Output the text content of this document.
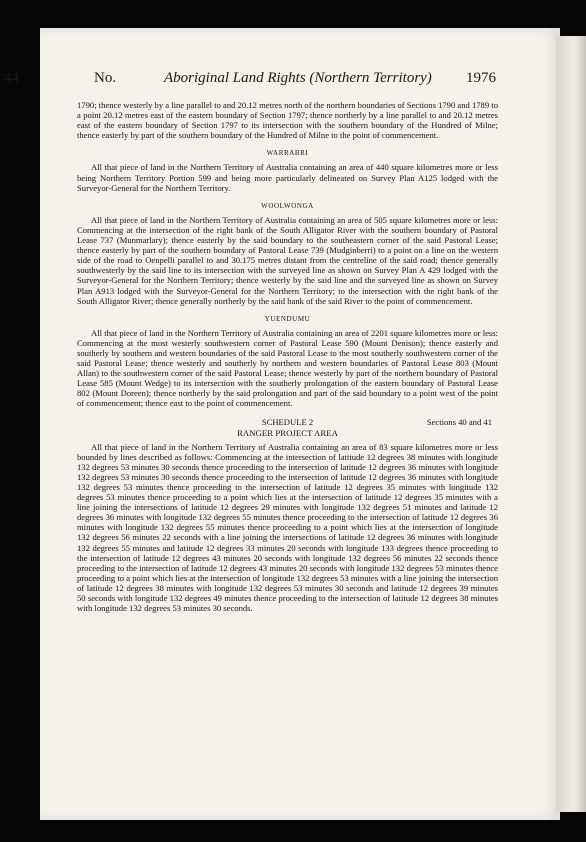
44	No.	Aboriginal Land Rights (Northern Territory) 1976

1790; thence westerly by a line parallel to and 20.12 metres north of the northern boundaries of Sections 1790 and 1789 to a point 20.12 metres east of the eastern boundary of Section 1797; thence northerly by a line parallel to and 20.12 metres east of the eastern boundary of Section 1797 to its intersection with the southern boundary of the Hundred of Milne; thence easterly by part of the southern boundary of the Hundred of Milne to the point of commencement.

WARRABRI

All that piece of land in the Northern Territory of Australia containing an area of 440 square kilometres more or less being Northern Territory Portion 599 and being more particularly delineated on Survey Plan A125 lodged with the Surveyor-General for the Northern Territory.

WOOLWONGA

All that piece of land in the Northern Territory of Australia containing an area of 505 square kilometres more or less: Commencing at the intersection of the right bank of the South Alligator River with the southern boundary of Pastoral Lease 737 (Munmarlary); thence easterly by the said boundary to the southeastern corner of the said Pastoral Lease; thence easterly by part of the southern boundary of Pastoral Lease 739 (Mudginberri) to a point on a line on the western side of the road to Oenpelli parallel to and 30.175 metres distant from the centreline of the said road; thence generally southwesterly by the said line to its intersection with the surveyed line as shown on Survey Plan A 429 lodged with the Surveyor-General for the Northern Territory; thence westerly by the said line and the surveyed line as shown on Survey Plan A913 lodged with the Surveyor-General for the Northern Territory; to the intersection with the right bank of the South Alligator River; thence generally northerly by the said bank of the said River to the point of commencement.

YUENDUMU

All that piece of land in the Northern Territory of Australia containing an area of 2201 square kilometres more or less: Commencing at the most westerly southwestern corner of Pastoral Lease 590 (Mount Denison); thence easterly and southerly by southern and western boundaries of the said Pastoral Lease to the most southerly southwestern corner of the said Pastoral Lease; thence westerly and southerly by northern and western boundaries of Pastoral Lease 803 (Mount Allan) to the southwestern corner of the said Pastoral Lease; thence westerly by part of the northern boundary of Pastoral Lease 585 (Mount Wedge) to its intersection with the southerly prolongation of the eastern boundary of Pastoral Lease 802 (Mount Doreen); thence northerly by the said prolongation and part of the said boundary to a point west of the point of commencement; thence east to the point of commencement.

SCHEDULE 2	Sections 40 and 41
RANGER PROJECT AREA

All that piece of land in the Northern Territory of Australia containing an area of 83 square kilometres more or less bounded by lines described as follows: Commencing at the intersection of latitude 12 degrees 38 minutes with longitude 132 degrees 53 minutes 30 seconds thence proceeding to the intersection of latitude 12 degrees 36 minutes with longitude 132 degrees 53 minutes 30 seconds thence proceeding to the intersection of latitude 12 degrees 36 minutes with longitude 132 degrees 53 minutes thence proceeding to the intersection of latitude 12 degrees 35 minutes with longitude 132 degrees 53 minutes thence proceeding to a point which lies at the intersection of latitude 12 degrees 35 minutes with a line joining the intersections of latitude 12 degrees 29 minutes with longitude 132 degrees 51 minutes and latitude 12 degrees 36 minutes with longitude 132 degrees 55 minutes thence proceeding to the intersection of latitude 12 degrees 36 minutes with longitude 132 degrees 55 minutes thence proceeding to a point which lies at the intersection of longitude 132 degrees 56 minutes 22 seconds with a line joining the intersections of latitude 12 degrees 36 minutes with longitude 132 degrees 55 minutes and latitude 12 degrees 33 minutes 20 seconds with longitude 133 degrees thence proceeding to the intersection of latitude 12 degrees 43 minutes 20 seconds with longitude 132 degrees 56 minutes 22 seconds thence proceeding to the intersection of latitude 12 degrees 43 minutes 20 seconds with longitude 132 degrees 53 minutes thence proceeding to a point which lies at the intersection of longitude 132 degrees 53 minutes with a line joining the intersection of latitude 12 degrees 38 minutes with longitude 132 degrees 53 minutes 30 seconds and latitude 12 degrees 39 minutes 50 seconds with longitude 132 degrees 49 minutes thence proceeding to the intersection of latitude 12 degrees 38 minutes with longitude 132 degrees 53 minutes 30 seconds.
